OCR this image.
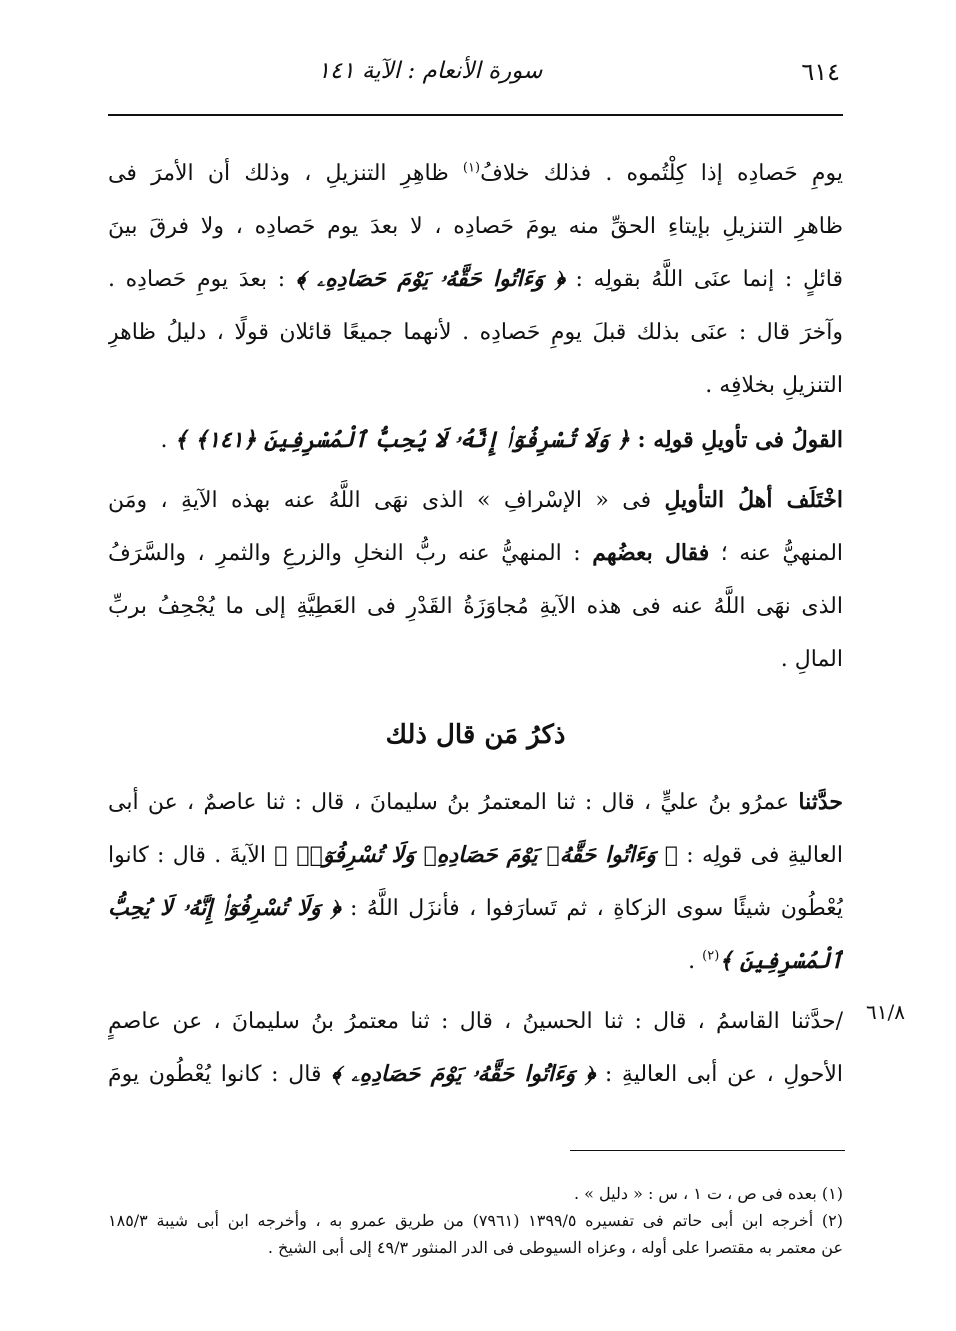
٦١٤
سورة الأنعام : الآية ١٤١
يومِ حَصادِه إذا كِلْتُموه . فذلك خلافُ$^{(١)}$ ظاهِرِ التنزيلِ ، وذلك أن الأمرَ فى
ظاهرِ التنزيلِ بإيتاءِ الحقِّ منه يومَ حَصادِه ، لا بعدَ يوم حَصادِه ، ولا فرقَ بينَ
قائلٍ : إنما عنَى اللَّهُ بقولِه : ﴿ وَءَاتُوا حَقَّهُۥ يَوْمَ حَصَادِهِۦ ﴾ : بعدَ يومِ حَصادِه .
وآخرَ قال : عنَى بذلك قبلَ يومِ حَصادِه . لأنهما جميعًا قائلان قولًا ، دليلُ ظاهرِ
التنزيلِ بخلافِه .
القولُ فى تأويلِ قولِه : ﴿ وَلَا تُسْرِفُوٓا۟ إِنَّهُۥ لَا يُحِبُّ ٱلْمُسْرِفِينَ ﴿١٤١﴾ ﴾ .
اخْتَلَف أهلُ التأويلِ فى « الإسْرافِ » الذى نهَى اللَّهُ عنه بهذه الآيةِ ، ومَن
المنهيُّ عنه ؛ فقال بعضُهم : المنهيُّ عنه ربُّ النخلِ والزرعِ والثمرِ ، والسَّرَفُ
الذى نهَى اللَّهُ عنه فى هذه الآيةِ مُجاوَزَةُ القَدْرِ فى العَطِيَّةِ إلى ما يُجْحِفُ بربِّ
المالِ .
ذكرُ مَن قال ذلك
حدَّثنا عمرُو بنُ عليٍّ ، قال : ثنا المعتمرُ بنُ سليمانَ ، قال : ثنا عاصمٌ ، عن أبى
العاليةِ فى قولِه : ﴿ وَءَاتُوا حَقَّهُۥ يَوْمَ حَصَادِهِۦ وَلَا تُسْرِفُوٓا۟ ﴾ الآيةَ . قال : كانوا
يُعْطُون شيئًا سوى الزكاةِ ، ثم تَسارَفوا ، فأنزَل اللَّهُ : ﴿ وَلَا تُسْرِفُوٓا۟ إِنَّهُۥ لَا يُحِبُّ
ٱلْمُسْرِفِينَ ﴾$^{(٢)}$ .
٦١/٨
/حدَّثنا القاسمُ ، قال : ثنا الحسينُ ، قال : ثنا معتمرُ بنُ سليمانَ ، عن عاصمٍ
الأحولِ ، عن أبى العاليةِ : ﴿ وَءَاتُوا حَقَّهُۥ يَوْمَ حَصَادِهِۦ ﴾ قال : كانوا يُعْطُون يومَ
(١) بعده فى ص ، ت ١ ، س : « دليل » .
(٢) أخرجه ابن أبى حاتم فى تفسيره ١٣٩٩/٥ (٧٩٦١) من طريق عمرو به ، وأخرجه ابن أبى شيبة ١٨٥/٣
عن معتمر به مقتصرا على أوله ، وعزاه السيوطى فى الدر المنثور ٤٩/٣ إلى أبى الشيخ .
